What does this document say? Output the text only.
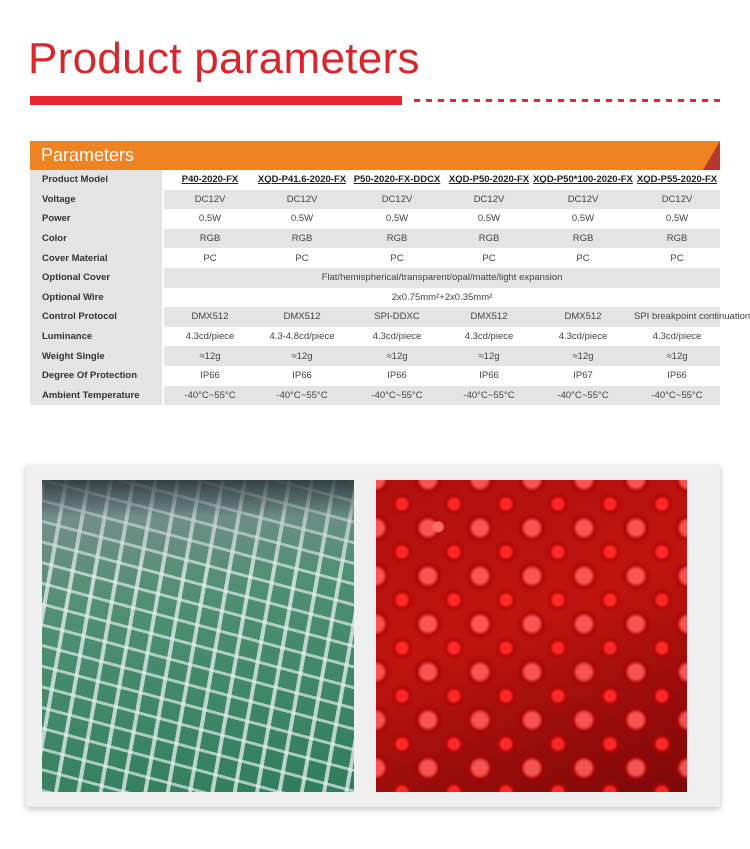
Product parameters
Parameters
Product Model	P40-2020-FX	XQD-P41.6-2020-FX	P50-2020-FX-DDCX	XQD-P50-2020-FX	XQD-P50*100-2020-FX	XQD-P55-2020-FX
Voltage	DC12V	DC12V	DC12V	DC12V	DC12V	DC12V
Power	0.5W	0.5W	0.5W	0.5W	0.5W	0.5W
Color	RGB	RGB	RGB	RGB	RGB	RGB
Cover Material	PC	PC	PC	PC	PC	PC
Optional Cover	Flat/hemispherical/transparent/opal/matte/light expansion					
Optional Wire	2x0.75mm²+2x0.35mm²					
Control Protocol	DMX512	DMX512	SPI-DDXC	DMX512	DMX512	SPI breakpoint continuation
Luminance	4.3cd/piece	4.3-4.8cd/piece	4.3cd/piece	4.3cd/piece	4.3cd/piece	4.3cd/piece
Weight Single	≈12g	≈12g	≈12g	≈12g	≈12g	≈12g
Degree Of Protection	IP66	IP66	IP66	IP66	IP67	IP66
Ambient Temperature	-40°C~55°C	-40°C~55°C	-40°C~55°C	-40°C~55°C	-40°C~55°C	-40°C~55°C
